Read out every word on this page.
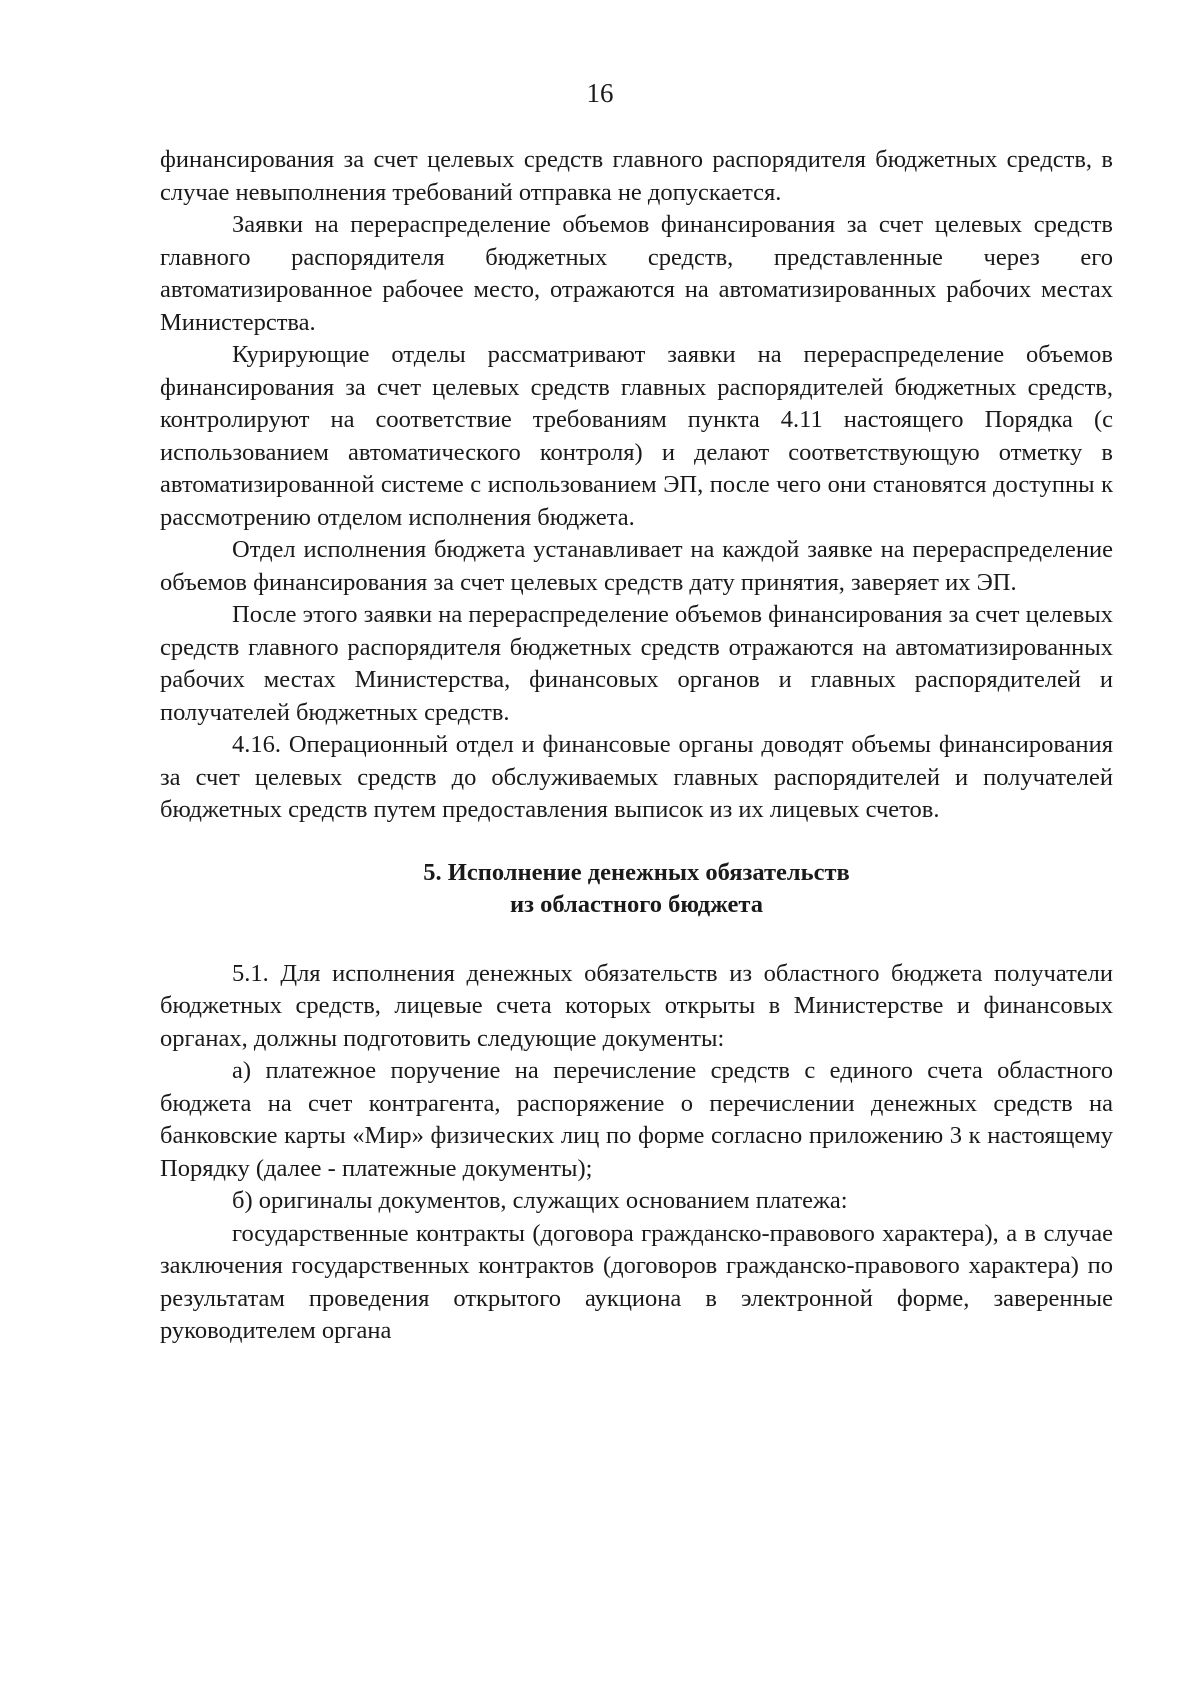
16

финансирования за счет целевых средств главного распорядителя бюджетных средств, в случае невыполнения требований отправка не допускается.

Заявки на перераспределение объемов финансирования за счет целевых средств главного распорядителя бюджетных средств, представленные через его автоматизированное рабочее место, отражаются на автоматизированных рабочих местах Министерства.

Курирующие отделы рассматривают заявки на перераспределение объемов финансирования за счет целевых средств главных распорядителей бюджетных средств, контролируют на соответствие требованиям пункта 4.11 настоящего Порядка (с использованием автоматического контроля) и делают соответствующую отметку в автоматизированной системе с использованием ЭП, после чего они становятся доступны к рассмотрению отделом исполнения бюджета.

Отдел исполнения бюджета устанавливает на каждой заявке на перераспределение объемов финансирования за счет целевых средств дату принятия, заверяет их ЭП.

После этого заявки на перераспределение объемов финансирования за счет целевых средств главного распорядителя бюджетных средств отражаются на автоматизированных рабочих местах Министерства, финансовых органов и главных распорядителей и получателей бюджетных средств.

4.16. Операционный отдел и финансовые органы доводят объемы финансирования за счет целевых средств до обслуживаемых главных распорядителей и получателей бюджетных средств путем предоставления выписок из их лицевых счетов.

5. Исполнение денежных обязательств
из областного бюджета

5.1. Для исполнения денежных обязательств из областного бюджета получатели бюджетных средств, лицевые счета которых открыты в Министерстве и финансовых органах, должны подготовить следующие документы:

а) платежное поручение на перечисление средств с единого счета областного бюджета на счет контрагента, распоряжение о перечислении денежных средств на банковские карты «Мир» физических лиц по форме согласно приложению 3 к настоящему Порядку (далее - платежные документы);

б) оригиналы документов, служащих основанием платежа:

государственные контракты (договора гражданско-правового характера), а в случае заключения государственных контрактов (договоров гражданско-правового характера) по результатам проведения открытого аукциона в электронной форме, заверенные руководителем органа
